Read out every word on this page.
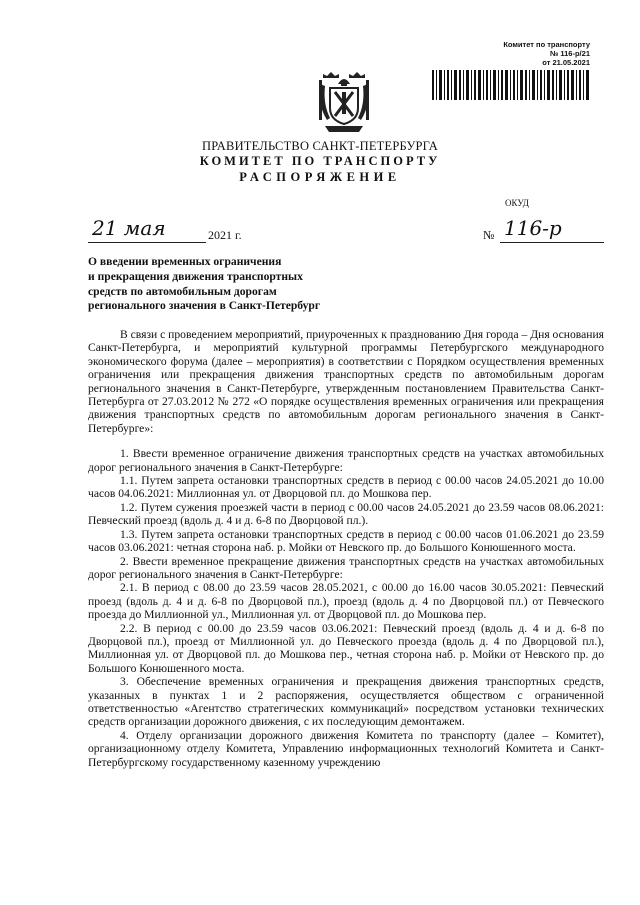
Комитет по транспорту
№ 116-р/21
от 21.05.2021
ПРАВИТЕЛЬСТВО САНКТ-ПЕТЕРБУРГА
КОМИТЕТ ПО ТРАНСПОРТУ
РАСПОРЯЖЕНИЕ
ОКУД
21 мая	2021 г.	№ 116-р
О введении временных ограничения
и прекращения движения транспортных
средств по автомобильным дорогам
регионального значения в Санкт-Петербург

В связи с проведением мероприятий, приуроченных к празднованию Дня города – Дня основания Санкт-Петербурга, и мероприятий культурной программы Петербургского международного экономического форума (далее – мероприятия) в соответствии с Порядком осуществления временных ограничения или прекращения движения транспортных средств по автомобильным дорогам регионального значения в Санкт-Петербурге, утвержденным постановлением Правительства Санкт-Петербурга от 27.03.2012 № 272 «О порядке осуществления временных ограничения или прекращения движения транспортных средств по автомобильным дорогам регионального значения в Санкт-Петербурге»:

1. Ввести временное ограничение движения транспортных средств на участках автомобильных дорог регионального значения в Санкт-Петербурге:

1.1. Путем запрета остановки транспортных средств в период с 00.00 часов 24.05.2021 до 10.00 часов 04.06.2021: Миллионная ул. от Дворцовой пл. до Мошкова пер.

1.2. Путем сужения проезжей части в период с 00.00 часов 24.05.2021 до 23.59 часов 08.06.2021: Певческий проезд (вдоль д. 4 и д. 6-8 по Дворцовой пл.).

1.3. Путем запрета остановки транспортных средств в период с 00.00 часов 01.06.2021 до 23.59 часов 03.06.2021: четная сторона наб. р. Мойки от Невского пр. до Большого Конюшенного моста.

2. Ввести временное прекращение движения транспортных средств на участках автомобильных дорог регионального значения в Санкт-Петербурге:

2.1. В период с 08.00 до 23.59 часов 28.05.2021, с 00.00 до 16.00 часов 30.05.2021: Певческий проезд (вдоль д. 4 и д. 6-8 по Дворцовой пл.), проезд (вдоль д. 4 по Дворцовой пл.) от Певческого проезда до Миллионной ул., Миллионная ул. от Дворцовой пл. до Мошкова пер.

2.2. В период с 00.00 до 23.59 часов 03.06.2021: Певческий проезд (вдоль д. 4 и д. 6-8 по Дворцовой пл.), проезд от Миллионной ул. до Певческого проезда (вдоль д. 4 по Дворцовой пл.), Миллионная ул. от Дворцовой пл. до Мошкова пер., четная сторона наб. р. Мойки от Невского пр. до Большого Конюшенного моста.

3. Обеспечение временных ограничения и прекращения движения транспортных средств, указанных в пунктах 1 и 2 распоряжения, осуществляется обществом с ограниченной ответственностью «Агентство стратегических коммуникаций» посредством установки технических средств организации дорожного движения, с их последующим демонтажем.

4. Отделу организации дорожного движения Комитета по транспорту (далее – Комитет), организационному отделу Комитета, Управлению информационных технологий Комитета и Санкт-Петербургскому государственному казенному учреждению
